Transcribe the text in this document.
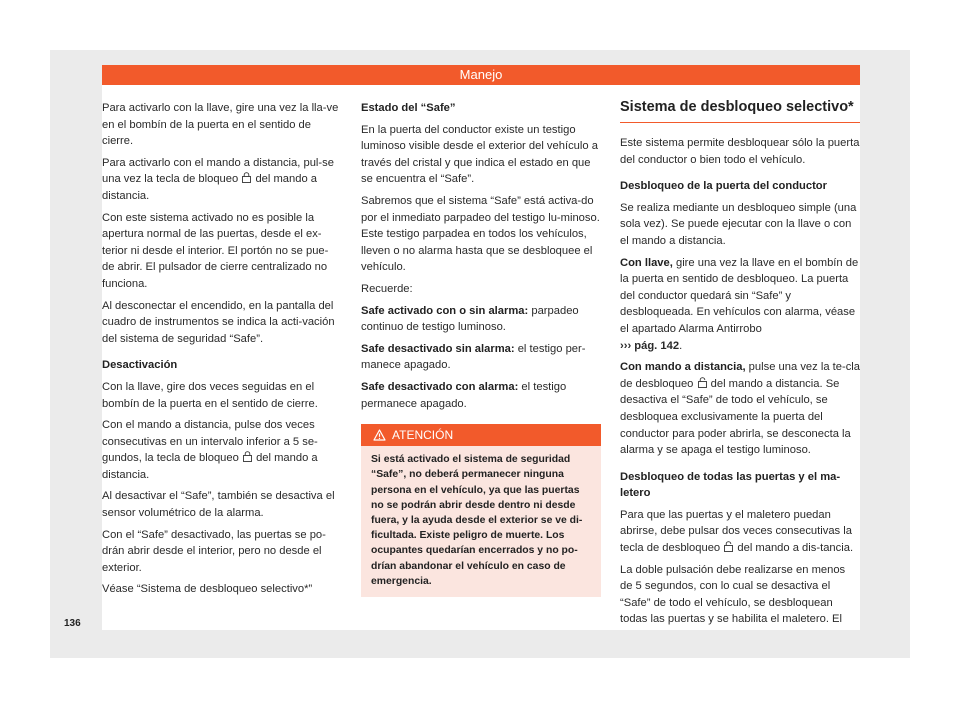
Manejo

Para activarlo con la llave, gire una vez la lla-ve en el bombín de la puerta en el sentido de cierre.

Para activarlo con el mando a distancia, pul-se una vez la tecla de bloqueo del mando a distancia.

Con este sistema activado no es posible la apertura normal de las puertas, desde el ex-terior ni desde el interior. El portón no se pue-de abrir. El pulsador de cierre centralizado no funciona.

Al desconectar el encendido, en la pantalla del cuadro de instrumentos se indica la acti-vación del sistema de seguridad “Safe”.

Desactivación

Con la llave, gire dos veces seguidas en el bombín de la puerta en el sentido de cierre.

Con el mando a distancia, pulse dos veces consecutivas en un intervalo inferior a 5 se-gundos, la tecla de bloqueo del mando a distancia.

Al desactivar el “Safe”, también se desactiva el sensor volumétrico de la alarma.

Con el “Safe” desactivado, las puertas se po-drán abrir desde el interior, pero no desde el exterior.

Véase “Sistema de desbloqueo selectivo*”

Estado del “Safe”

En la puerta del conductor existe un testigo luminoso visible desde el exterior del vehículo a través del cristal y que indica el estado en que se encuentra el “Safe”.

Sabremos que el sistema “Safe” está activa-do por el inmediato parpadeo del testigo lu-minoso. Este testigo parpadea en todos los vehículos, lleven o no alarma hasta que se desbloquee el vehículo.

Recuerde:

Safe activado con o sin alarma: parpadeo continuo de testigo luminoso.

Safe desactivado sin alarma: el testigo per-manece apagado.

Safe desactivado con alarma: el testigo permanece apagado.

ATENCIÓN
Si está activado el sistema de seguridad “Safe”, no deberá permanecer ninguna persona en el vehículo, ya que las puertas no se podrán abrir desde dentro ni desde fuera, y la ayuda desde el exterior se ve di-ficultada. Existe peligro de muerte. Los ocupantes quedarían encerrados y no po-drían abandonar el vehículo en caso de emergencia.
Sistema de desbloqueo selectivo*

Este sistema permite desbloquear sólo la puerta del conductor o bien todo el vehículo.

Desbloqueo de la puerta del conductor

Se realiza mediante un desbloqueo simple (una sola vez). Se puede ejecutar con la llave o con el mando a distancia.

Con llave, gire una vez la llave en el bombín de la puerta en sentido de desbloqueo. La puerta del conductor quedará sin “Safe” y desbloqueada. En vehículos con alarma, véase el apartado Alarma Antirrobo
››› pág. 142.

Con mando a distancia, pulse una vez la te-cla de desbloqueo del mando a distancia. Se desactiva el “Safe” de todo el vehículo, se desbloquea exclusivamente la puerta del conductor para poder abrirla, se desconecta la alarma y se apaga el testigo luminoso.

Desbloqueo de todas las puertas y el ma-letero

Para que las puertas y el maletero puedan abrirse, debe pulsar dos veces consecutivas la tecla de desbloqueo del mando a dis-tancia.

La doble pulsación debe realizarse en menos de 5 segundos, con lo cual se desactiva el “Safe” de todo el vehículo, se desbloquean todas las puertas y se habilita el maletero. El

136
